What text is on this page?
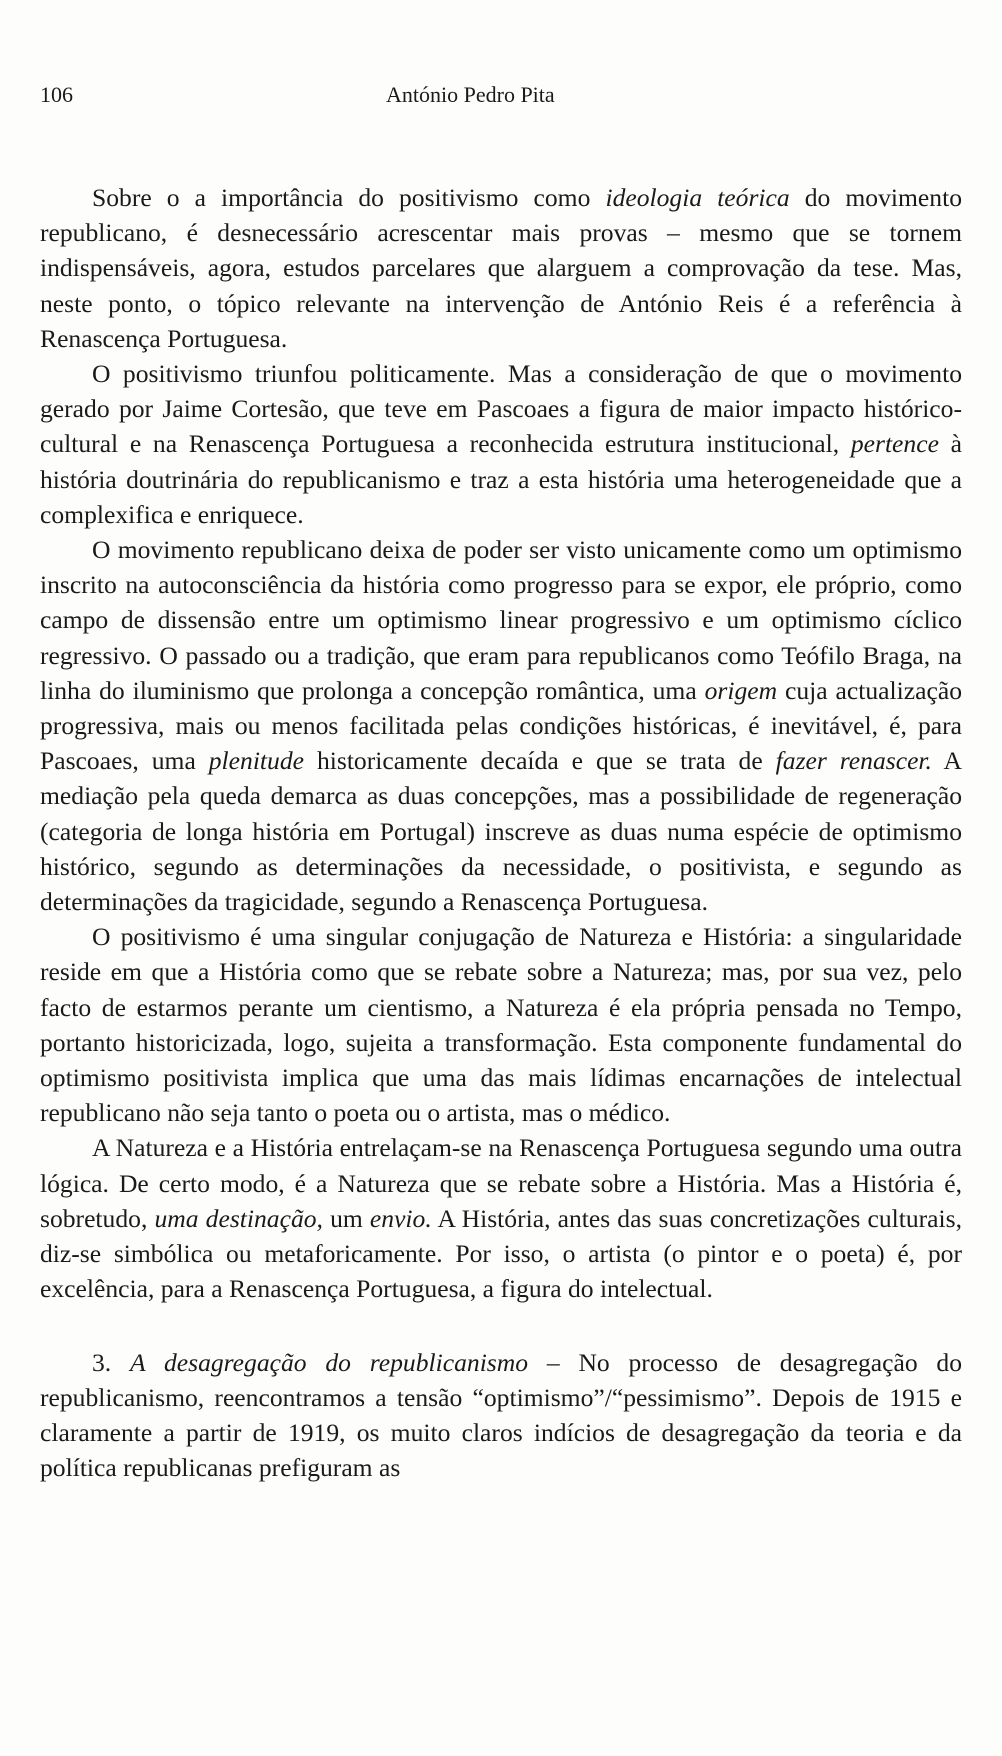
106	António Pedro Pita

Sobre o a importância do positivismo como ideologia teórica do movimento republicano, é desnecessário acrescentar mais provas – mesmo que se tornem indispensáveis, agora, estudos parcelares que alarguem a comprovação da tese. Mas, neste ponto, o tópico relevante na intervenção de António Reis é a referência à Renascença Portuguesa.

O positivismo triunfou politicamente. Mas a consideração de que o movimento gerado por Jaime Cortesão, que teve em Pascoaes a figura de maior impacto histórico-cultural e na Renascença Portuguesa a reconhecida estrutura institucional, pertence à história doutrinária do republicanismo e traz a esta história uma heterogeneidade que a complexifica e enriquece.

O movimento republicano deixa de poder ser visto unicamente como um optimismo inscrito na autoconsciência da história como progresso para se expor, ele próprio, como campo de dissensão entre um optimismo linear progressivo e um optimismo cíclico regressivo. O passado ou a tradição, que eram para republicanos como Teófilo Braga, na linha do iluminismo que prolonga a concepção romântica, uma origem cuja actualização progressiva, mais ou menos facilitada pelas condições históricas, é inevitável, é, para Pascoaes, uma plenitude historicamente decaída e que se trata de fazer renascer. A mediação pela queda demarca as duas concepções, mas a possibilidade de regeneração (categoria de longa história em Portugal) inscreve as duas numa espécie de optimismo histórico, segundo as determinações da necessidade, o positivista, e segundo as determinações da tragicidade, segundo a Renascença Portuguesa.

O positivismo é uma singular conjugação de Natureza e História: a singularidade reside em que a História como que se rebate sobre a Natureza; mas, por sua vez, pelo facto de estarmos perante um cientismo, a Natureza é ela própria pensada no Tempo, portanto historicizada, logo, sujeita a transformação. Esta componente fundamental do optimismo positivista implica que uma das mais lídimas encarnações de intelectual republicano não seja tanto o poeta ou o artista, mas o médico.

A Natureza e a História entrelaçam-se na Renascença Portuguesa segundo uma outra lógica. De certo modo, é a Natureza que se rebate sobre a História. Mas a História é, sobretudo, uma destinação, um envio. A História, antes das suas concretizações culturais, diz-se simbólica ou metaforicamente. Por isso, o artista (o pintor e o poeta) é, por excelência, para a Renascença Portuguesa, a figura do intelectual.

3. A desagregação do republicanismo – No processo de desagregação do republicanismo, reencontramos a tensão “optimismo”/“pessimismo”. Depois de 1915 e claramente a partir de 1919, os muito claros indícios de desagregação da teoria e da política republicanas prefiguram as
